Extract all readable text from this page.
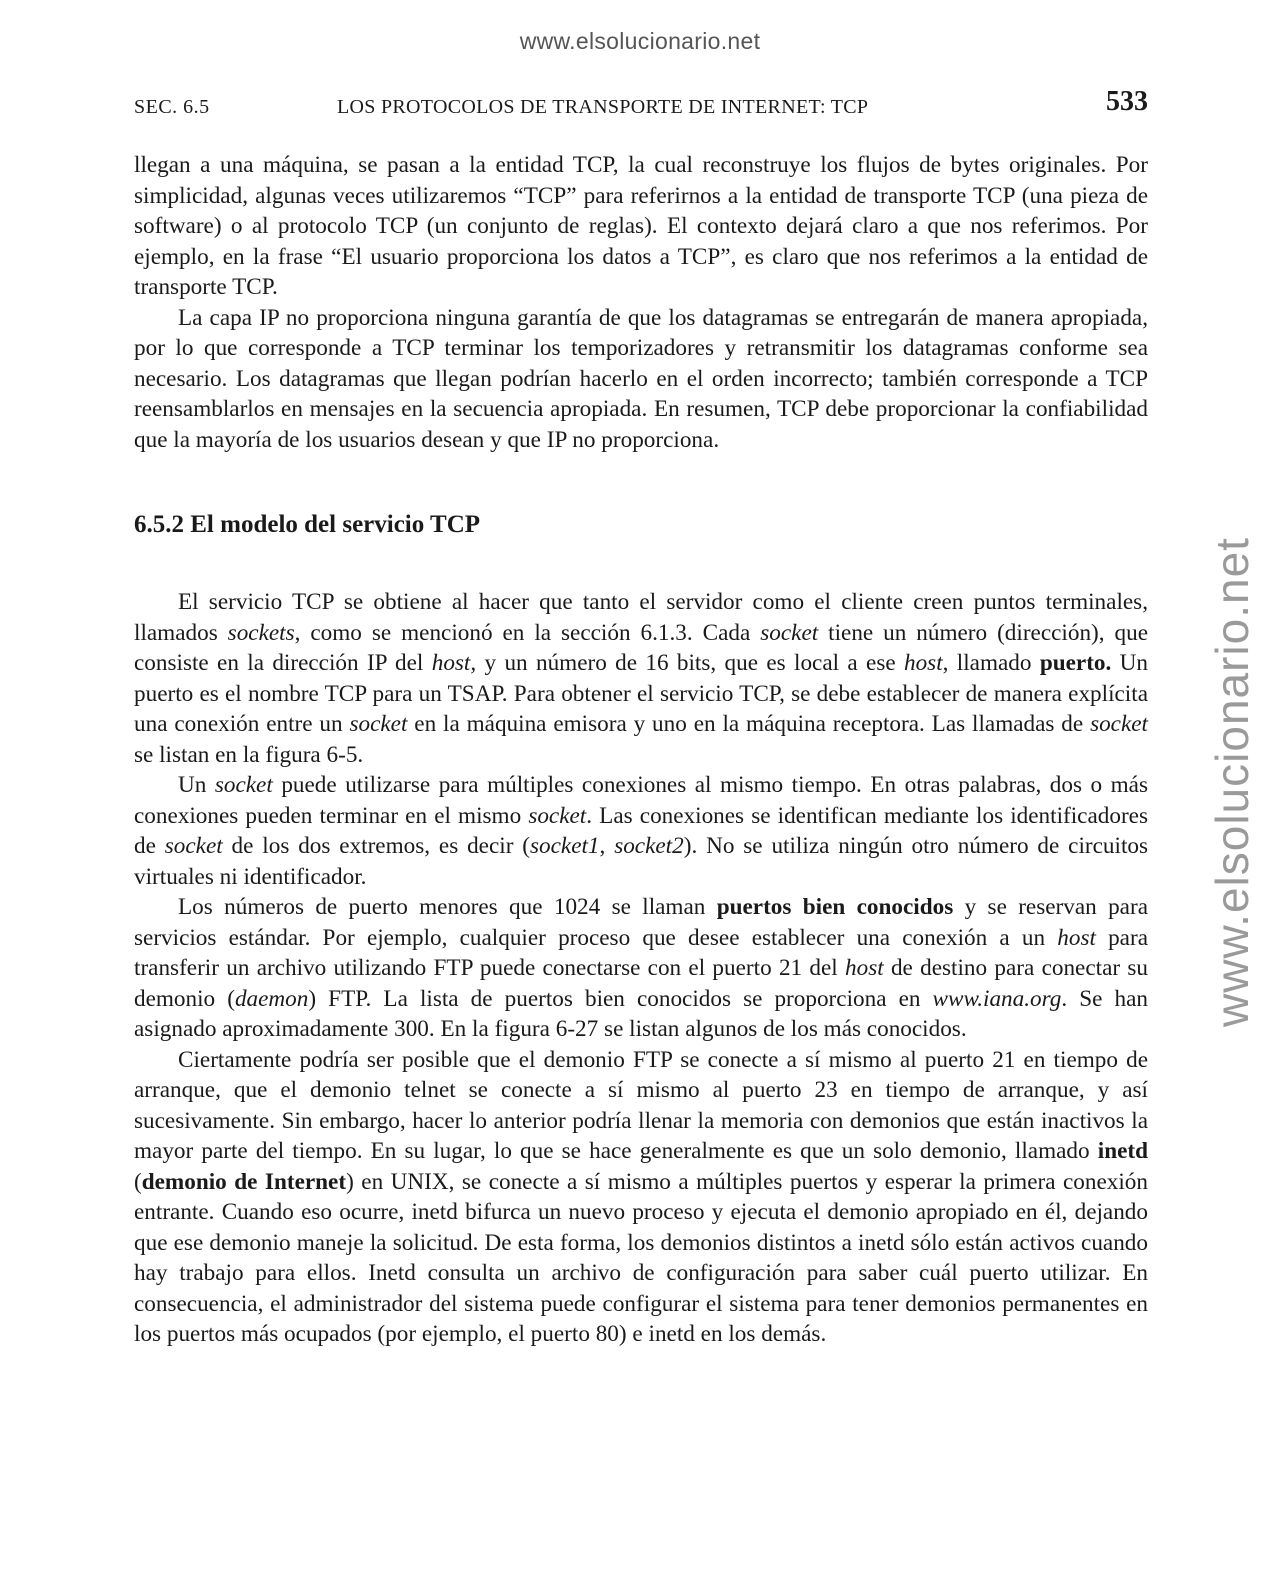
www.elsolucionario.net
www.elsolucionario.net
SEC. 6.5	LOS PROTOCOLOS DE TRANSPORTE DE INTERNET: TCP	533

llegan a una máquina, se pasan a la entidad TCP, la cual reconstruye los flujos de bytes originales. Por simplicidad, algunas veces utilizaremos “TCP” para referirnos a la entidad de transporte TCP (una pieza de software) o al protocolo TCP (un conjunto de reglas). El contexto dejará claro a que nos referimos. Por ejemplo, en la frase “El usuario proporciona los datos a TCP”, es claro que nos referimos a la entidad de transporte TCP.

La capa IP no proporciona ninguna garantía de que los datagramas se entregarán de manera apropiada, por lo que corresponde a TCP terminar los temporizadores y retransmitir los datagramas conforme sea necesario. Los datagramas que llegan podrían hacerlo en el orden incorrecto; también corresponde a TCP reensamblarlos en mensajes en la secuencia apropiada. En resumen, TCP debe proporcionar la confiabilidad que la mayoría de los usuarios desean y que IP no proporciona.

6.5.2 El modelo del servicio TCP

El servicio TCP se obtiene al hacer que tanto el servidor como el cliente creen puntos terminales, llamados sockets, como se mencionó en la sección 6.1.3. Cada socket tiene un número (dirección), que consiste en la dirección IP del host, y un número de 16 bits, que es local a ese host, llamado puerto. Un puerto es el nombre TCP para un TSAP. Para obtener el servicio TCP, se debe establecer de manera explícita una conexión entre un socket en la máquina emisora y uno en la máquina receptora. Las llamadas de socket se listan en la figura 6-5.

Un socket puede utilizarse para múltiples conexiones al mismo tiempo. En otras palabras, dos o más conexiones pueden terminar en el mismo socket. Las conexiones se identifican mediante los identificadores de socket de los dos extremos, es decir (socket1, socket2). No se utiliza ningún otro número de circuitos virtuales ni identificador.

Los números de puerto menores que 1024 se llaman puertos bien conocidos y se reservan para servicios estándar. Por ejemplo, cualquier proceso que desee establecer una conexión a un host para transferir un archivo utilizando FTP puede conectarse con el puerto 21 del host de destino para conectar su demonio (daemon) FTP. La lista de puertos bien conocidos se proporciona en www.iana.org. Se han asignado aproximadamente 300. En la figura 6-27 se listan algunos de los más conocidos.

Ciertamente podría ser posible que el demonio FTP se conecte a sí mismo al puerto 21 en tiempo de arranque, que el demonio telnet se conecte a sí mismo al puerto 23 en tiempo de arranque, y así sucesivamente. Sin embargo, hacer lo anterior podría llenar la memoria con demonios que están inactivos la mayor parte del tiempo. En su lugar, lo que se hace generalmente es que un solo demonio, llamado inetd (demonio de Internet) en UNIX, se conecte a sí mismo a múltiples puertos y esperar la primera conexión entrante. Cuando eso ocurre, inetd bifurca un nuevo proceso y ejecuta el demonio apropiado en él, dejando que ese demonio maneje la solicitud. De esta forma, los demonios distintos a inetd sólo están activos cuando hay trabajo para ellos. Inetd consulta un archivo de configuración para saber cuál puerto utilizar. En consecuencia, el administrador del sistema puede configurar el sistema para tener demonios permanentes en los puertos más ocupados (por ejemplo, el puerto 80) e inetd en los demás.
